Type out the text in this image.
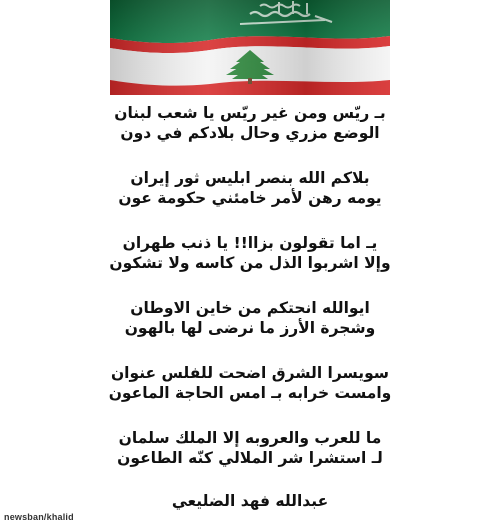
بـ ريّس ومن غير ريّس يا شعب لبنان
الوضع مزري وحال بلادكم في دون
بلاكم الله بنصر ابليس ثور إيران
يومه رهن لأمر خامئني حكومة عون
يـ اما تقولون بزاا!! يا ذنب طهران
وإلا اشربوا الذل من كاسه ولا تشكون
ايوالله انحتكم من خاين الاوطان
وشجرة الأرز ما نرضى لها بالهون
سويسرا الشرق اضحت للفلس عنوان
وامست خرابه بـ امس الحاجة الماعون
ما للعرب والعروبه إلا الملك سلمان
لـ استشرا شر الملالي كنّه الطاعون
عبدالله فهد الضليعي
newsban/khalid
